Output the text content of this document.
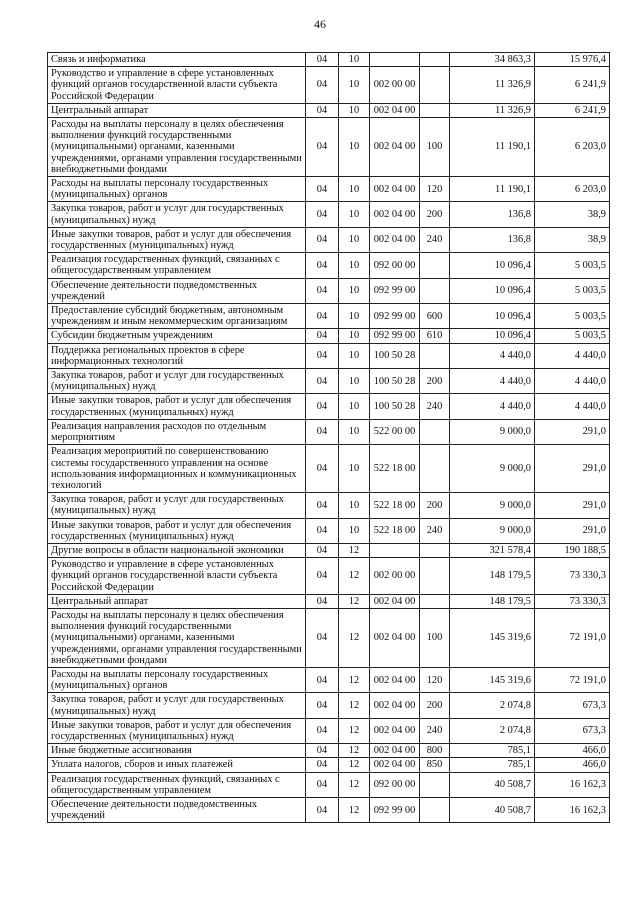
46
Связь и информатика	04	10			34 863,3	15 976,4
Руководство и управление в сфере установленных функций органов государственной власти субъекта Российской Федерации	04	10	002 00 00		11 326,9	6 241,9
Центральный аппарат	04	10	002 04 00		11 326,9	6 241,9
Расходы на выплаты персоналу в целях обеспечения выполнения функций государственными (муниципальными) органами, казенными учреждениями, органами управления государственными внебюджетными фондами	04	10	002 04 00	100	11 190,1	6 203,0
Расходы на выплаты персоналу государственных (муниципальных) органов	04	10	002 04 00	120	11 190,1	6 203,0
Закупка товаров, работ и услуг для государственных (муниципальных) нужд	04	10	002 04 00	200	136,8	38,9
Иные закупки товаров, работ и услуг для обеспечения государственных (муниципальных) нужд	04	10	002 04 00	240	136,8	38,9
Реализация государственных функций, связанных с общегосударственным управлением	04	10	092 00 00		10 096,4	5 003,5
Обеспечение деятельности подведомственных учреждений	04	10	092 99 00		10 096,4	5 003,5
Предоставление субсидий бюджетным, автономным учреждениям и иным некоммерческим организациям	04	10	092 99 00	600	10 096,4	5 003,5
Субсидии бюджетным учреждениям	04	10	092 99 00	610	10 096,4	5 003,5
Поддержка региональных проектов в сфере информационных технологий	04	10	100 50 28		4 440,0	4 440,0
Закупка товаров, работ и услуг для государственных (муниципальных) нужд	04	10	100 50 28	200	4 440,0	4 440,0
Иные закупки товаров, работ и услуг для обеспечения государственных (муниципальных) нужд	04	10	100 50 28	240	4 440,0	4 440,0
Реализация направления расходов по отдельным мероприятиям	04	10	522 00 00		9 000,0	291,0
Реализация мероприятий по совершенствованию системы государственного управления на основе использования информационных и коммуникационных технологий	04	10	522 18 00		9 000,0	291,0
Закупка товаров, работ и услуг для государственных (муниципальных) нужд	04	10	522 18 00	200	9 000,0	291,0
Иные закупки товаров, работ и услуг для обеспечения государственных (муниципальных) нужд	04	10	522 18 00	240	9 000,0	291,0
Другие вопросы в области национальной экономики	04	12			321 578,4	190 188,5
Руководство и управление в сфере установленных функций органов государственной власти субъекта Российской Федерации	04	12	002 00 00		148 179,5	73 330,3
Центральный аппарат	04	12	002 04 00		148 179,5	73 330,3
Расходы на выплаты персоналу в целях обеспечения выполнения функций государственными (муниципальными) органами, казенными учреждениями, органами управления государственными внебюджетными фондами	04	12	002 04 00	100	145 319,6	72 191,0
Расходы на выплаты персоналу государственных (муниципальных) органов	04	12	002 04 00	120	145 319,6	72 191,0
Закупка товаров, работ и услуг для государственных (муниципальных) нужд	04	12	002 04 00	200	2 074,8	673,3
Иные закупки товаров, работ и услуг для обеспечения государственных (муниципальных) нужд	04	12	002 04 00	240	2 074,8	673,3
Иные бюджетные ассигнования	04	12	002 04 00	800	785,1	466,0
Уплата налогов, сборов и иных платежей	04	12	002 04 00	850	785,1	466,0
Реализация государственных функций, связанных с общегосударственным управлением	04	12	092 00 00		40 508,7	16 162,3
Обеспечение деятельности подведомственных учреждений	04	12	092 99 00		40 508,7	16 162,3
